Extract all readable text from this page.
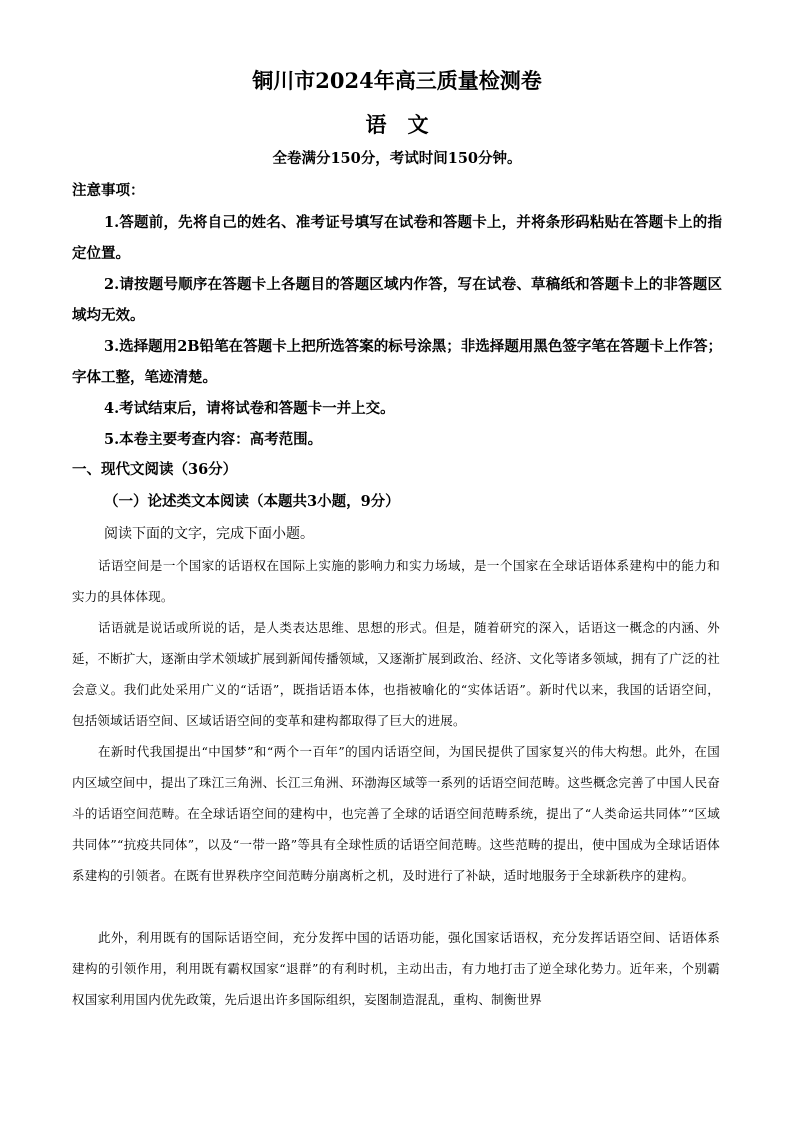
铜川市2024年高三质量检测卷
语　文
全卷满分150分，考试时间150分钟。
注意事项：
1.答题前，先将自己的姓名、准考证号填写在试卷和答题卡上，并将条形码粘贴在答题卡上的指定位置。
2.请按题号顺序在答题卡上各题目的答题区域内作答，写在试卷、草稿纸和答题卡上的非答题区域均无效。
3.选择题用2B铅笔在答题卡上把所选答案的标号涂黑；非选择题用黑色签字笔在答题卡上作答；字体工整，笔迹清楚。
4.考试结束后，请将试卷和答题卡一并上交。
5.本卷主要考查内容：高考范围。
一、现代文阅读（36分）
（一）论述类文本阅读（本题共3小题，9分）
阅读下面的文字，完成下面小题。
话语空间是一个国家的话语权在国际上实施的影响力和实力场域，是一个国家在全球话语体系建构中的能力和实力的具体体现。
话语就是说话或所说的话，是人类表达思维、思想的形式。但是，随着研究的深入，话语这一概念的内涵、外延，不断扩大，逐渐由学术领域扩展到新闻传播领域，又逐渐扩展到政治、经济、文化等诸多领域，拥有了广泛的社会意义。我们此处采用广义的“话语”，既指话语本体，也指被喻化的“实体话语”。新时代以来，我国的话语空间，包括领域话语空间、区域话语空间的变革和建构都取得了巨大的进展。
在新时代我国提出“中国梦”和“两个一百年”的国内话语空间，为国民提供了国家复兴的伟大构想。此外，在国内区域空间中，提出了珠江三角洲、长江三角洲、环渤海区域等一系列的话语空间范畴。这些概念完善了中国人民奋斗的话语空间范畴。在全球话语空间的建构中，也完善了全球的话语空间范畴系统，提出了“人类命运共同体”“区域共同体”“抗疫共同体”，以及“一带一路”等具有全球性质的话语空间范畴。这些范畴的提出，使中国成为全球话语体系建构的引领者。在既有世界秩序空间范畴分崩离析之机，及时进行了补缺，适时地服务于全球新秩序的建构。
此外，利用既有的国际话语空间，充分发挥中国的话语功能，强化国家话语权，充分发挥话语空间、话语体系建构的引领作用，利用既有霸权国家“退群”的有利时机，主动出击，有力地打击了逆全球化势力。近年来，个别霸权国家利用国内优先政策，先后退出许多国际组织，妄图制造混乱，重构、制衡世界
